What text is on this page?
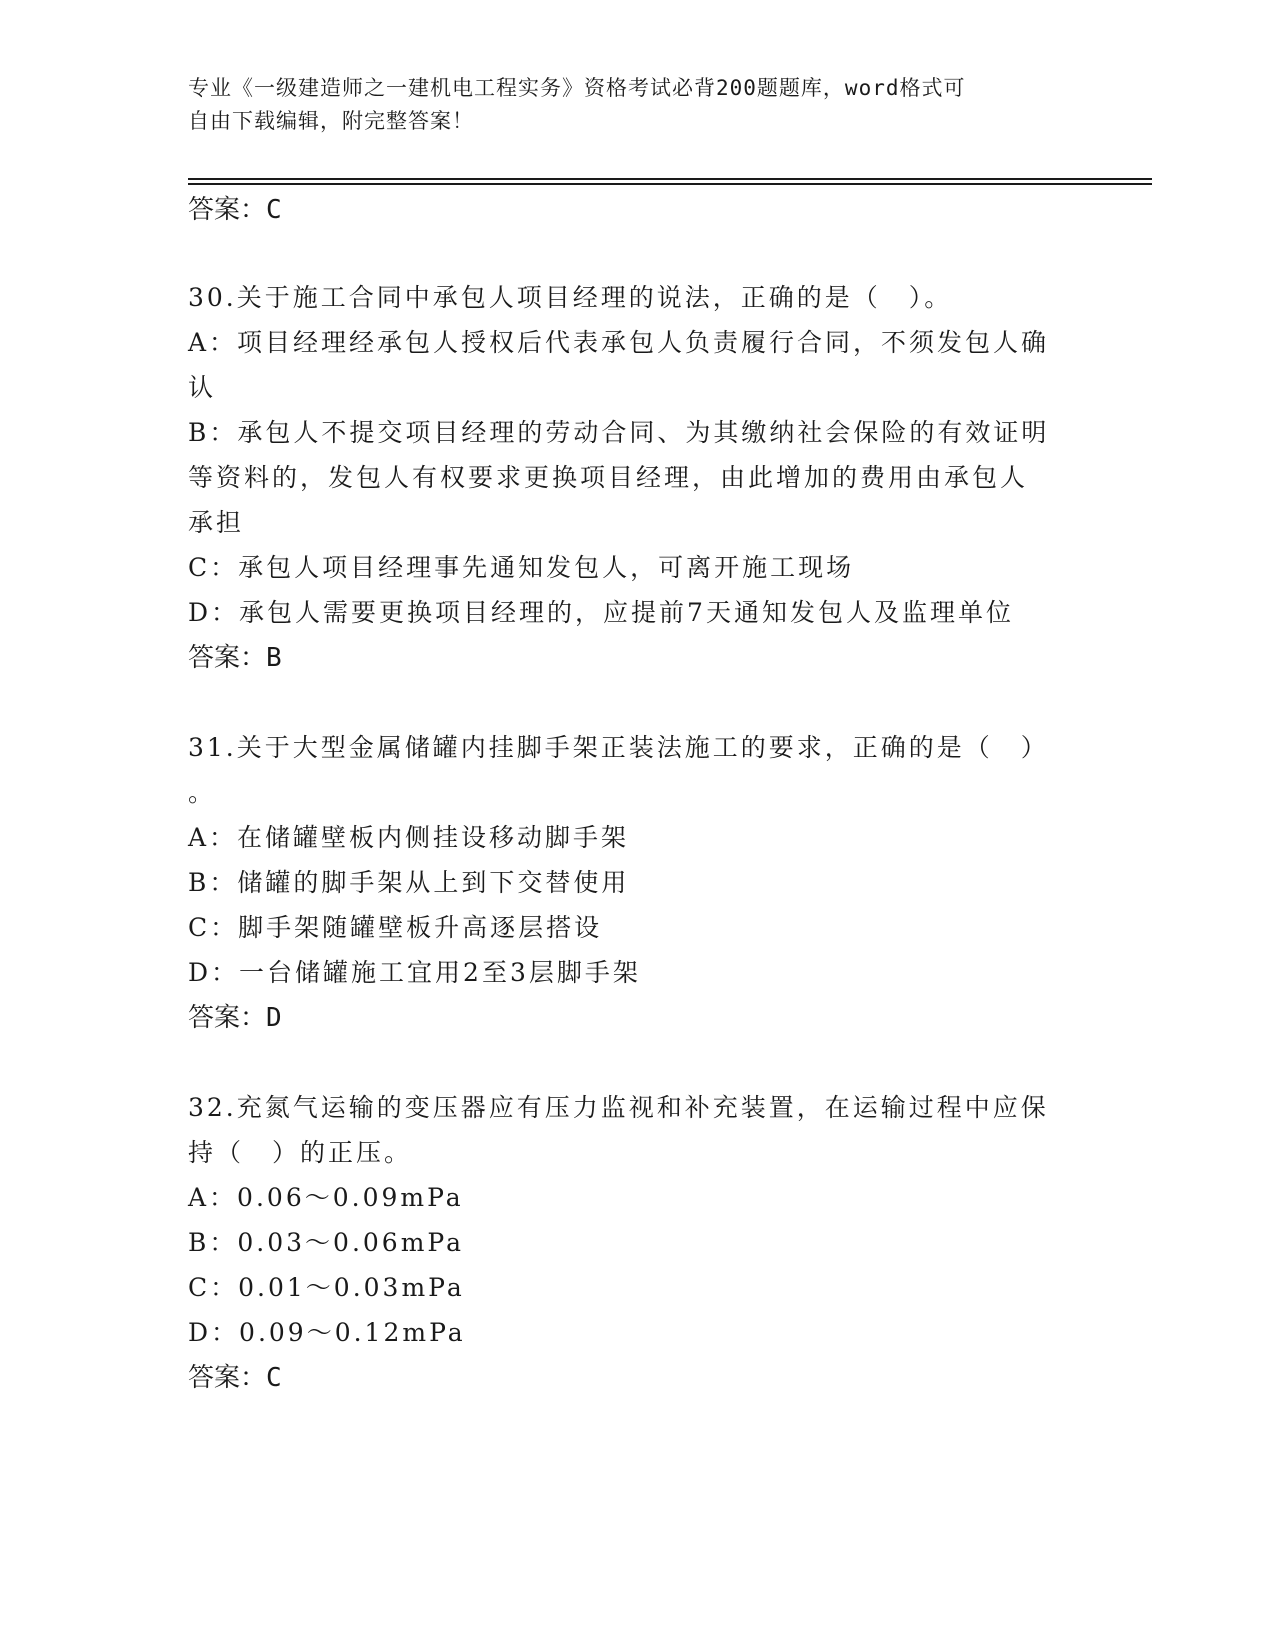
专业《一级建造师之一建机电工程实务》资格考试必背200题题库，word格式可
自由下载编辑，附完整答案！
答案：C
30.关于施工合同中承包人项目经理的说法，正确的是（　）。
A：项目经理经承包人授权后代表承包人负责履行合同，不须发包人确
认
B：承包人不提交项目经理的劳动合同、为其缴纳社会保险的有效证明
等资料的，发包人有权要求更换项目经理，由此增加的费用由承包人
承担
C：承包人项目经理事先通知发包人，可离开施工现场
D：承包人需要更换项目经理的，应提前7天通知发包人及监理单位
答案：B
31.关于大型金属储罐内挂脚手架正装法施工的要求，正确的是（　）
。
A：在储罐壁板内侧挂设移动脚手架
B：储罐的脚手架从上到下交替使用
C：脚手架随罐壁板升高逐层搭设
D：一台储罐施工宜用2至3层脚手架
答案：D
32.充氮气运输的变压器应有压力监视和补充装置，在运输过程中应保
持（　）的正压。
A：0.06～0.09mPa
B：0.03～0.06mPa
C：0.01～0.03mPa
D：0.09～0.12mPa
答案：C
